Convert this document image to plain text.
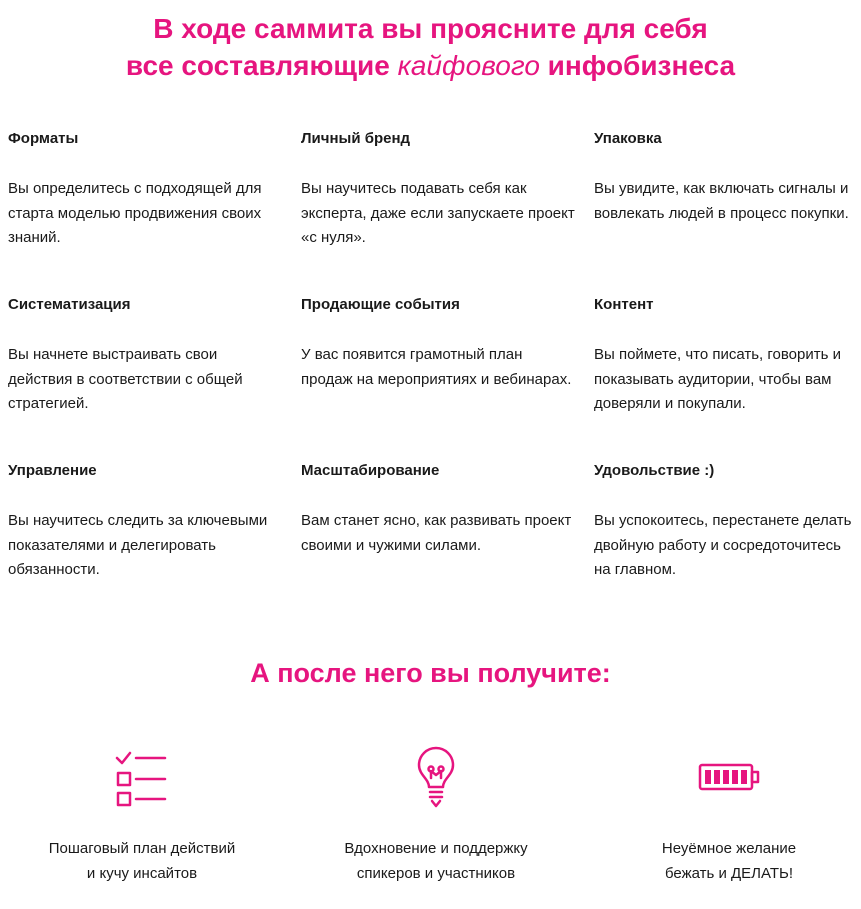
В ходе саммита вы проясните для себя
все составляющие кайфового инфобизнеса
Форматы

Вы определитесь с подходящей для старта моделью продвижения своих знаний.

Личный бренд

Вы научитесь подавать себя как эксперта, даже если запускаете проект «с нуля».

Упаковка

Вы увидите, как включать сигналы и вовлекать людей в процесс покупки.

Систематизация

Вы начнете выстраивать свои действия в соответствии с общей стратегией.

Продающие события

У вас появится грамотный план продаж на мероприятиях и вебинарах.

Контент

Вы поймете, что писать, говорить и показывать аудитории, чтобы вам доверяли и покупали.

Управление

Вы научитесь следить за ключевыми показателями и делегировать обязанности.

Масштабирование

Вам станет ясно, как развивать проект своими и чужими силами.

Удовольствие :)

Вы успокоитесь, перестанете делать двойную работу и сосредоточитесь на главном.

А после него вы получите:
Пошаговый план действий
и кучу инсайтов
Вдохновение и поддержку
спикеров и участников
Неуёмное желание
бежать и ДЕЛАТЬ!
